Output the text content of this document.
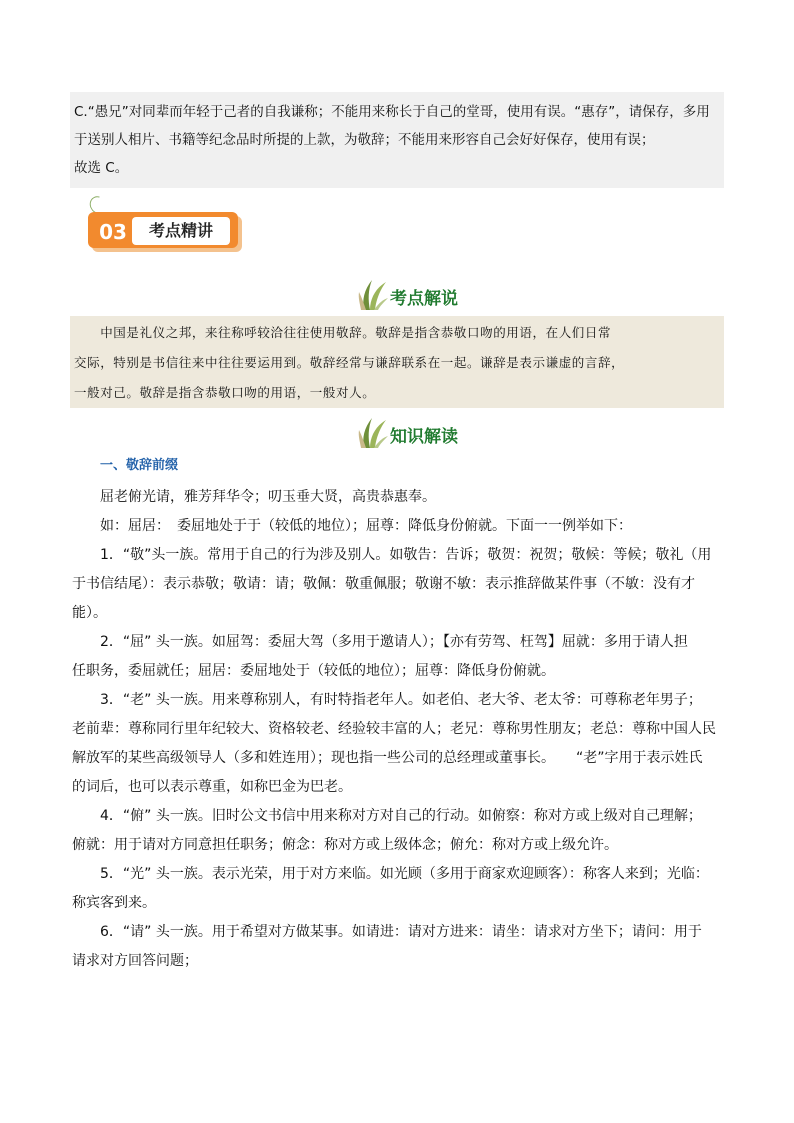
C.“愚兄”对同辈而年轻于己者的自我谦称；不能用来称长于自己的堂哥，使用有误。“惠存”，请保存，多用

于送别人相片、书籍等纪念品时所提的上款，为敬辞；不能用来形容自己会好好保存，使用有误；

故选 C。

03	考点精讲
考点解说

　　中国是礼仪之邦，来往称呼较洽往往使用敬辞。敬辞是指含恭敬口吻的用语，在人们日常

交际，特别是书信往来中往往要运用到。敬辞经常与谦辞联系在一起。谦辞是表示谦虚的言辞，

一般对己。敬辞是指含恭敬口吻的用语，一般对人。

知识解读
一、敬辞前缀
屈老俯光请，雅芳拜华令；叨玉垂大贤，高贵恭惠奉。
如：屈居：　委屈地处于于（较低的地位）；屈尊：降低身份俯就。下面一一例举如下：
1．“敬”头一族。常用于自己的行为涉及别人。如敬告：告诉；敬贺：祝贺；敬候：等候；敬礼（用
于书信结尾）：表示恭敬；敬请：请；敬佩：敬重佩服；敬谢不敏：表示推辞做某件事（不敏：没有才
能）。
2．“屈” 头一族。如屈驾：委屈大驾（多用于邀请人）；【亦有劳驾、枉驾】屈就：多用于请人担
任职务，委屈就任；屈居：委屈地处于（较低的地位）；屈尊：降低身份俯就。
3．“老” 头一族。用来尊称别人，有时特指老年人。如老伯、老大爷、老太爷：可尊称老年男子；
老前辈：尊称同行里年纪较大、资格较老、经验较丰富的人；老兄：尊称男性朋友；老总：尊称中国人民
解放军的某些高级领导人（多和姓连用）；现也指一些公司的总经理或董事长。　　“老”字用于表示姓氏
的词后，也可以表示尊重，如称巴金为巴老。
4．“俯” 头一族。旧时公文书信中用来称对方对自己的行动。如俯察：称对方或上级对自己理解；
俯就：用于请对方同意担任职务；俯念：称对方或上级体念；俯允：称对方或上级允许。
5．“光” 头一族。表示光荣，用于对方来临。如光顾（多用于商家欢迎顾客）：称客人来到；光临：
称宾客到来。
6．“请” 头一族。用于希望对方做某事。如请进：请对方进来：请坐：请求对方坐下；请问：用于
请求对方回答问题；
